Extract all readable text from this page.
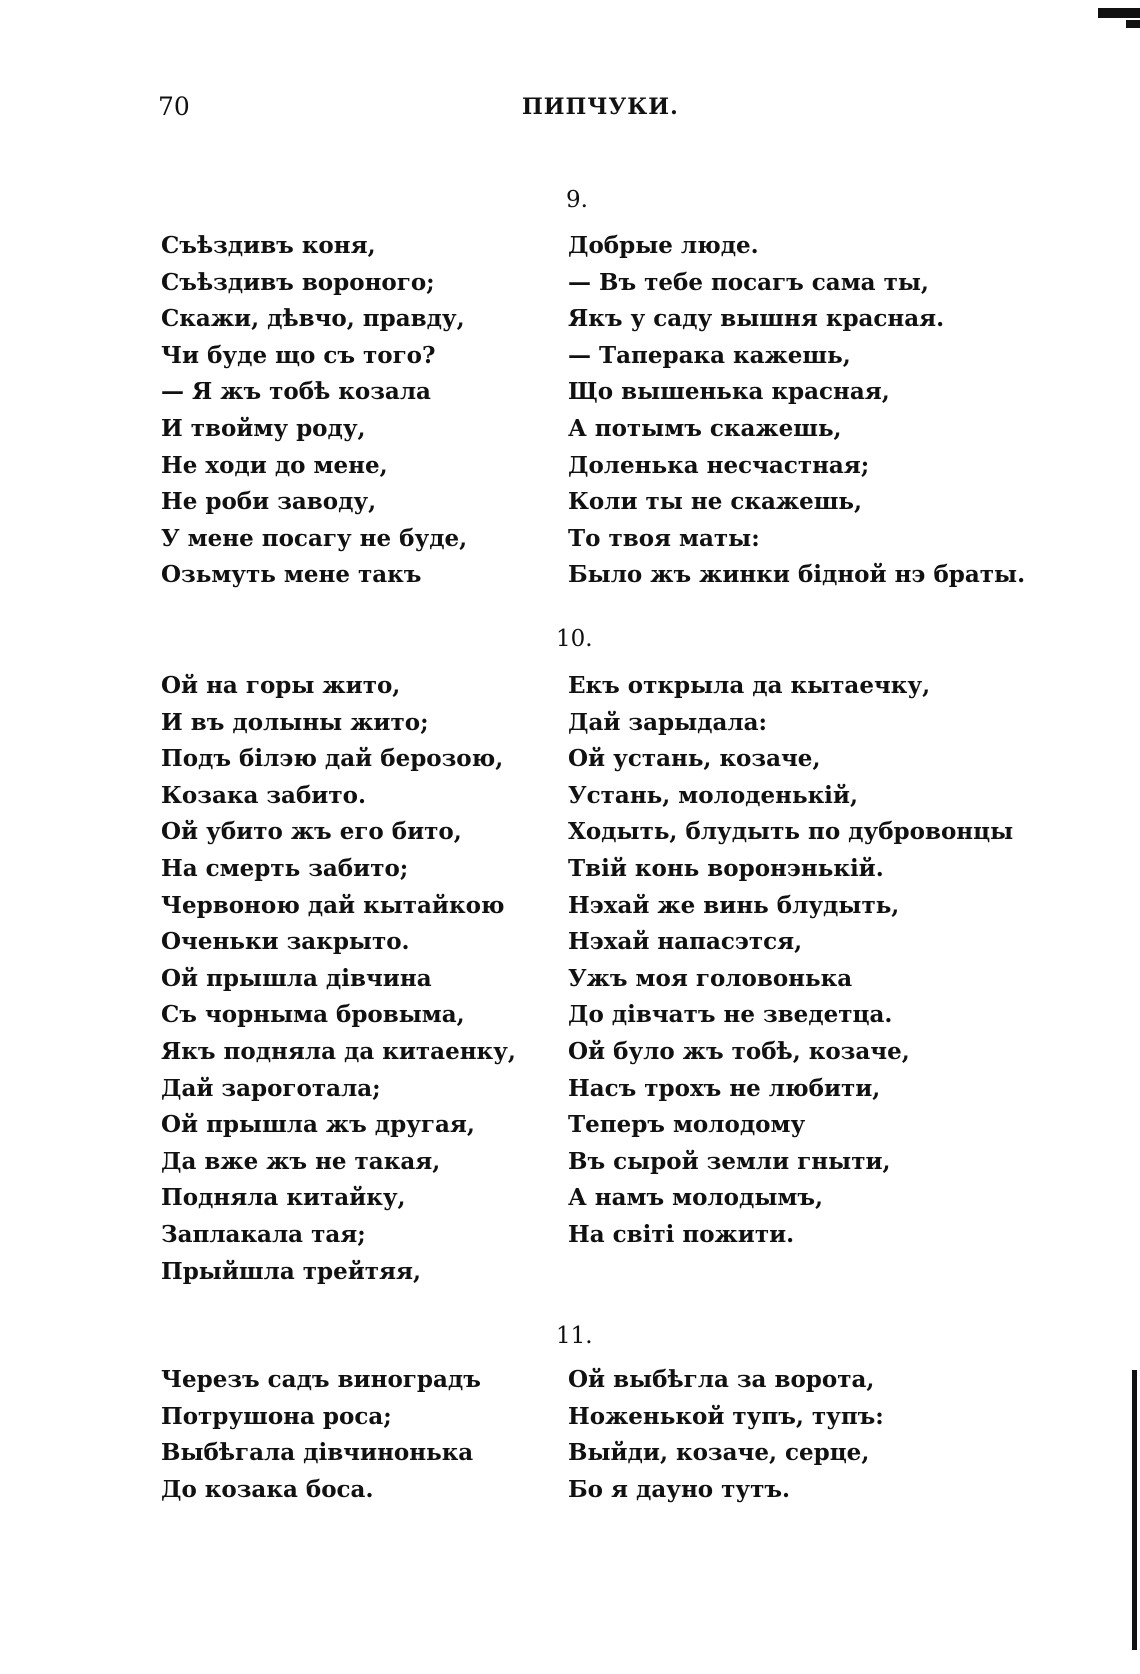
70	ПИПЧУКИ.
9.
Съѣздивъ коня,
Съѣздивъ вороного;
Скажи, дѣвчо, правду,
Чи буде що съ того?
— Я жъ тобѣ козала
И твойму роду,
Не ходи до мене,
Не роби заводу,
У мене посагу не буде,
Озьмуть мене такъ
Добрые люде.
— Въ тебе посагъ сама ты,
Якъ у саду вышня красная.
— Таперака кажешь,
Що вышенька красная,
А потымъ скажешь,
Доленька несчастная;
Коли ты не скажешь,
То твоя маты:
Было жъ жинки бiдной нэ браты.
10.
Ой на горы жито,
И въ долыны жито;
Подъ бiлэю дай берозою,
Козака забито.
Ой убито жъ его бито,
На смерть забито;
Червоною дай кытайкою
Оченьки закрыто.
Ой прышла дiвчина
Съ чорныма бровыма,
Якъ подняла да китаенку,
Дай зароготала;
Ой прышла жъ другая,
Да вже жъ не такая,
Подняла китайку,
Заплакала тая;
Прыйшла трейтяя,
Екъ открыла да кытаечку,
Дай зарыдала:
Ой устань, козаче,
Устань, молоденькiй,
Ходыть, блудыть по дубровонцы
Твiй конь воронэнькiй.
Нэхай же винь блудыть,
Нэхай напасэтся,
Ужъ моя головонька
До дiвчатъ не зведетца.
Ой було жъ тобѣ, козаче,
Насъ трохъ не любити,
Теперъ молодому
Въ сырой земли гныти,
А намъ молодымъ,
На свiтi пожити.
11.
Черезъ садъ виноградъ
Потрушона роса;
Выбѣгала дiвчинонька
До козака боса.
Ой выбѣгла за ворота,
Ноженькой тупъ, тупъ:
Выйди, козаче, серце,
Бо я дауно тутъ.
